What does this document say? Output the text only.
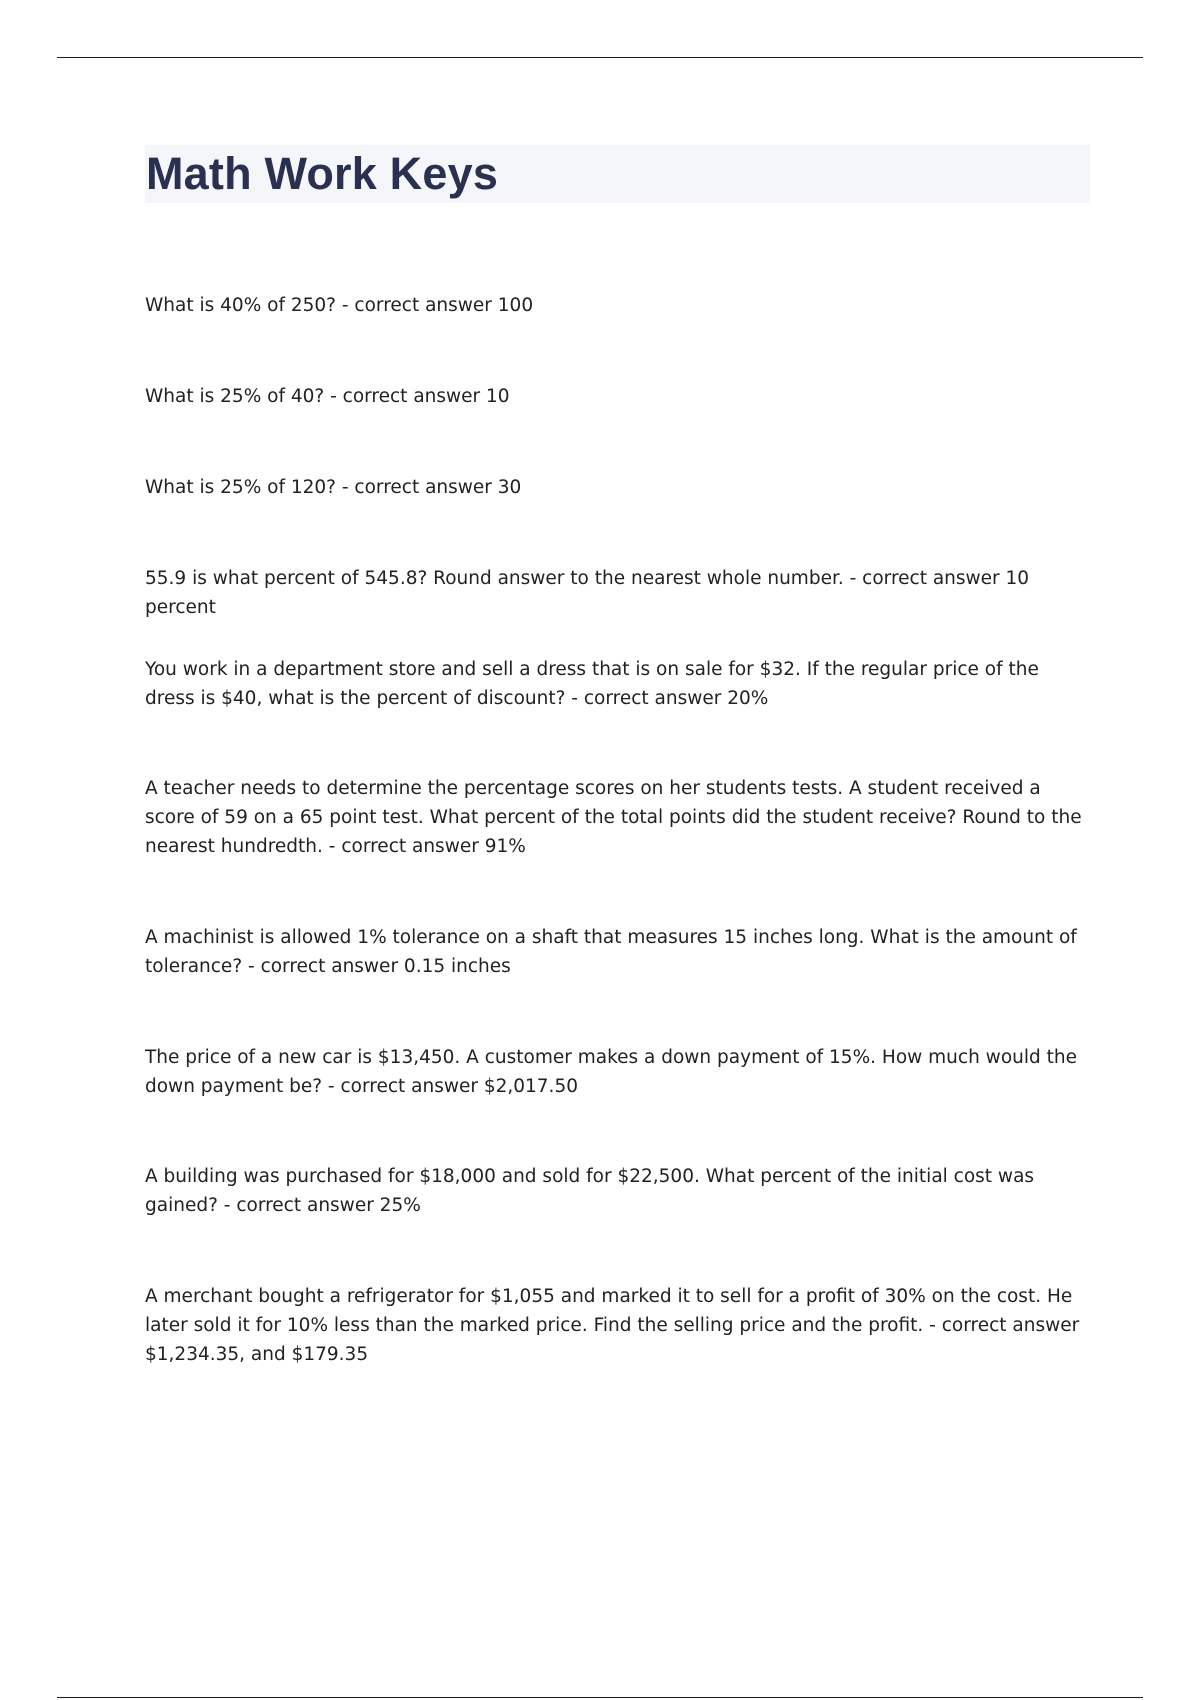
Math Work Keys

What is 40% of 250? - correct answer 100

What is 25% of 40? - correct answer 10

What is 25% of 120? - correct answer 30

55.9 is what percent of 545.8? Round answer to the nearest whole number. - correct answer 10 percent

You work in a department store and sell a dress that is on sale for $32. If the regular price of the dress is $40, what is the percent of discount? - correct answer 20%

A teacher needs to determine the percentage scores on her students tests. A student received a score of 59 on a 65 point test. What percent of the total points did the student receive? Round to the nearest hundredth. - correct answer 91%

A machinist is allowed 1% tolerance on a shaft that measures 15 inches long. What is the amount of tolerance? - correct answer 0.15 inches

The price of a new car is $13,450. A customer makes a down payment of 15%. How much would the down payment be? - correct answer $2,017.50

A building was purchased for $18,000 and sold for $22,500. What percent of the initial cost was gained? - correct answer 25%

A merchant bought a refrigerator for $1,055 and marked it to sell for a profit of 30% on the cost. He later sold it for 10% less than the marked price. Find the selling price and the profit. - correct answer $1,234.35, and $179.35
